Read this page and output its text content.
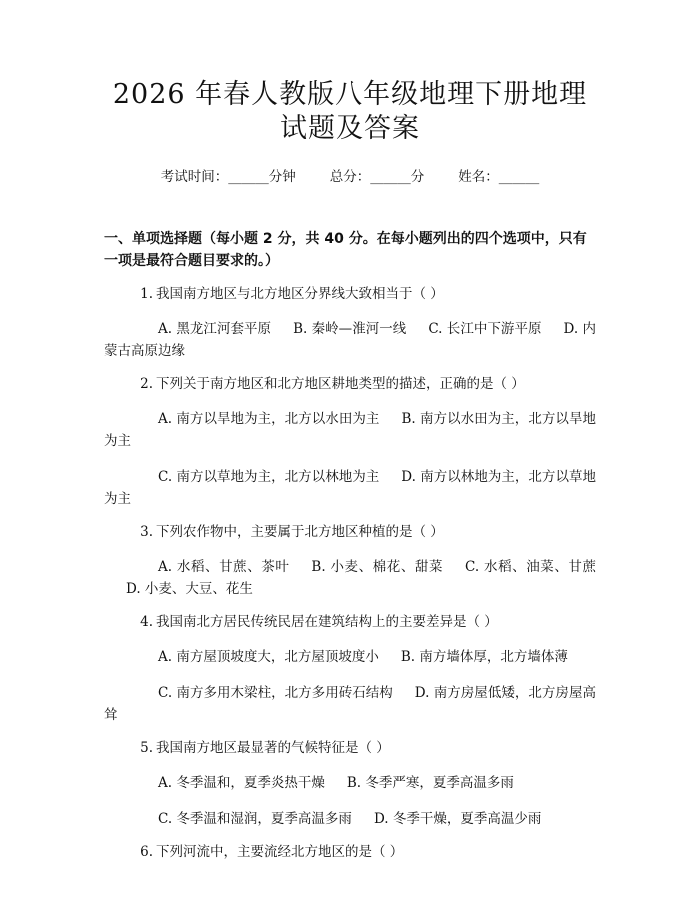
2026 年春人教版八年级地理下册地理试题及答案
考试时间：______分钟	总分：______分	姓名：______
一、单项选择题（每小题 2 分，共 40 分。在每小题列出的四个选项中，只有一项是最符合题目要求的。）
1. 我国南方地区与北方地区分界线大致相当于（ ）
A. 黑龙江河套平原 B. 秦岭—淮河一线 C. 长江中下游平原 D. 内蒙古高原边缘
2. 下列关于南方地区和北方地区耕地类型的描述，正确的是（ ）
A. 南方以旱地为主，北方以水田为主 B. 南方以水田为主，北方以旱地为主
C. 南方以草地为主，北方以林地为主 D. 南方以林地为主，北方以草地为主
3. 下列农作物中，主要属于北方地区种植的是（ ）
A. 水稻、甘蔗、茶叶 B. 小麦、棉花、甜菜 C. 水稻、油菜、甘蔗D. 小麦、大豆、花生
4. 我国南北方居民传统民居在建筑结构上的主要差异是（ ）
A. 南方屋顶坡度大，北方屋顶坡度小 B. 南方墙体厚，北方墙体薄
C. 南方多用木梁柱，北方多用砖石结构 D. 南方房屋低矮，北方房屋高耸
5. 我国南方地区最显著的气候特征是（ ）
A. 冬季温和，夏季炎热干燥 B. 冬季严寒，夏季高温多雨
C. 冬季温和湿润，夏季高温多雨 D. 冬季干燥，夏季高温少雨
6. 下列河流中，主要流经北方地区的是（ ）
